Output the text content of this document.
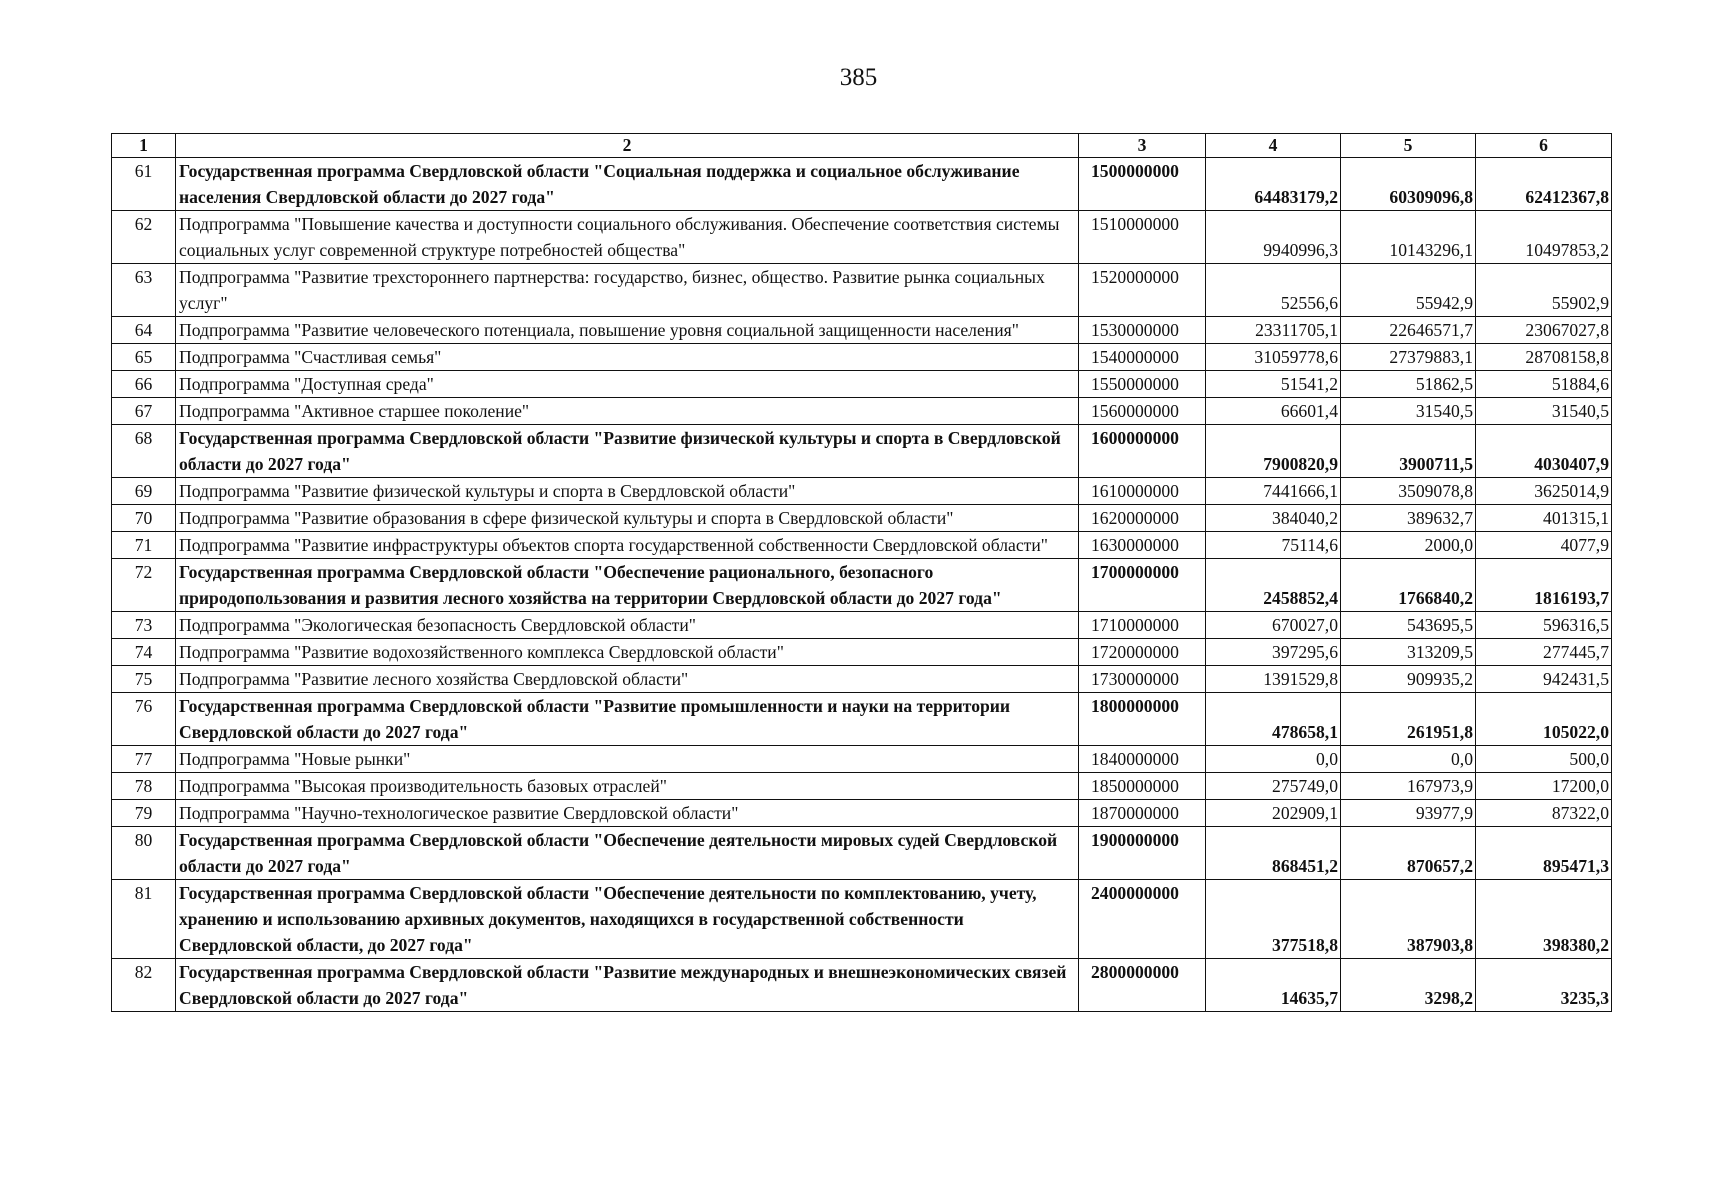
385
1	2	3	4	5	6
61	Государственная программа Свердловской области "Социальная поддержка и социальное обслуживание населения Свердловской области до 2027 года"	1500000000	64483179,2	60309096,8	62412367,8
62	Подпрограмма "Повышение качества и доступности социального обслуживания. Обеспечение соответствия системы социальных услуг современной структуре потребностей общества"	1510000000	9940996,3	10143296,1	10497853,2
63	Подпрограмма "Развитие трехстороннего партнерства: государство, бизнес, общество. Развитие рынка социальных услуг"	1520000000	52556,6	55942,9	55902,9
64	Подпрограмма "Развитие человеческого потенциала, повышение уровня социальной защищенности населения"	1530000000	23311705,1	22646571,7	23067027,8
65	Подпрограмма "Счастливая семья"	1540000000	31059778,6	27379883,1	28708158,8
66	Подпрограмма "Доступная среда"	1550000000	51541,2	51862,5	51884,6
67	Подпрограмма "Активное старшее поколение"	1560000000	66601,4	31540,5	31540,5
68	Государственная программа Свердловской области "Развитие физической культуры и спорта в Свердловской области до 2027 года"	1600000000	7900820,9	3900711,5	4030407,9
69	Подпрограмма "Развитие физической культуры и спорта в Свердловской области"	1610000000	7441666,1	3509078,8	3625014,9
70	Подпрограмма "Развитие образования в сфере физической культуры и спорта в Свердловской области"	1620000000	384040,2	389632,7	401315,1
71	Подпрограмма "Развитие инфраструктуры объектов спорта государственной собственности Свердловской области"	1630000000	75114,6	2000,0	4077,9
72	Государственная программа Свердловской области "Обеспечение рационального, безопасного природопользования и развития лесного хозяйства на территории Свердловской области до 2027 года"	1700000000	2458852,4	1766840,2	1816193,7
73	Подпрограмма "Экологическая безопасность Свердловской области"	1710000000	670027,0	543695,5	596316,5
74	Подпрограмма "Развитие водохозяйственного комплекса Свердловской области"	1720000000	397295,6	313209,5	277445,7
75	Подпрограмма "Развитие лесного хозяйства Свердловской области"	1730000000	1391529,8	909935,2	942431,5
76	Государственная программа Свердловской области "Развитие промышленности и науки на территории Свердловской области до 2027 года"	1800000000	478658,1	261951,8	105022,0
77	Подпрограмма "Новые рынки"	1840000000	0,0	0,0	500,0
78	Подпрограмма "Высокая производительность базовых отраслей"	1850000000	275749,0	167973,9	17200,0
79	Подпрограмма "Научно-технологическое развитие Свердловской области"	1870000000	202909,1	93977,9	87322,0
80	Государственная программа Свердловской области "Обеспечение деятельности мировых судей Свердловской области до 2027 года"	1900000000	868451,2	870657,2	895471,3
81	Государственная программа Свердловской области "Обеспечение деятельности по комплектованию, учету, хранению и использованию архивных документов, находящихся в государственной собственности Свердловской области, до 2027 года"	2400000000	377518,8	387903,8	398380,2
82	Государственная программа Свердловской области "Развитие международных и внешнеэкономических связей Свердловской области до 2027 года"	2800000000	14635,7	3298,2	3235,3
